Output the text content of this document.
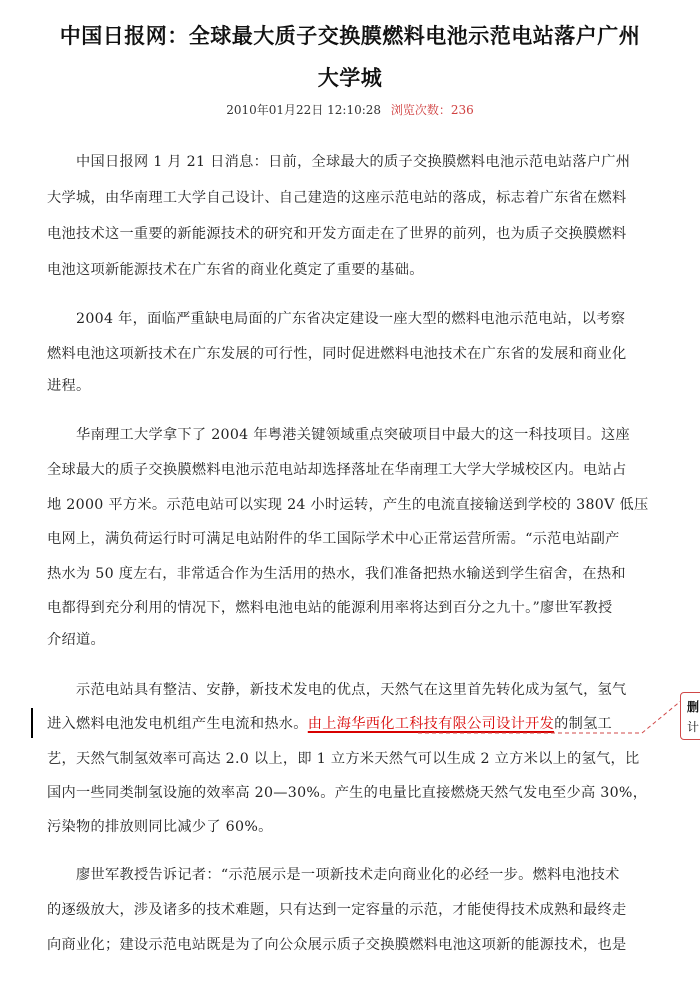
中国日报网：全球最大质子交换膜燃料电池示范电站落户广州
大学城
2010年01月22日 12:10:28 浏览次数：236
中国日报网 1 月 21 日消息：日前，全球最大的质子交换膜燃料电池示范电站落户广州
大学城，由华南理工大学自己设计、自己建造的这座示范电站的落成，标志着广东省在燃料
电池技术这一重要的新能源技术的研究和开发方面走在了世界的前列，也为质子交换膜燃料
电池这项新能源技术在广东省的商业化奠定了重要的基础。
2004 年，面临严重缺电局面的广东省决定建设一座大型的燃料电池示范电站，以考察
燃料电池这项新技术在广东发展的可行性，同时促进燃料电池技术在广东省的发展和商业化
进程。
华南理工大学拿下了 2004 年粤港关键领域重点突破项目中最大的这一科技项目。这座
全球最大的质子交换膜燃料电池示范电站却选择落址在华南理工大学大学城校区内。电站占
地 2000 平方米。示范电站可以实现 24 小时运转，产生的电流直接输送到学校的 380V 低压
电网上，满负荷运行时可满足电站附件的华工国际学术中心正常运营所需。“示范电站副产
热水为 50 度左右，非常适合作为生活用的热水，我们准备把热水输送到学生宿舍，在热和
电都得到充分利用的情况下，燃料电池电站的能源利用率将达到百分之九十。”廖世军教授
介绍道。
示范电站具有整洁、安静，新技术发电的优点，天然气在这里首先转化成为氢气，氢气
进入燃料电池发电机组产生电流和热水。由上海华西化工科技有限公司设计开发的制氢工
艺，天然气制氢效率可高达 2.0 以上，即 1 立方米天然气可以生成 2 立方米以上的氢气，比
国内一些同类制氢设施的效率高 20—30%。产生的电量比直接燃烧天然气发电至少高 30%，
污染物的排放则同比减少了 60%。
廖世军教授告诉记者：“示范展示是一项新技术走向商业化的必经一步。燃料电池技术
的逐级放大，涉及诸多的技术难题，只有达到一定容量的示范，才能使得技术成熟和最终走
向商业化；建设示范电站既是为了向公众展示质子交换膜燃料电池这项新的能源技术，也是
删
计
